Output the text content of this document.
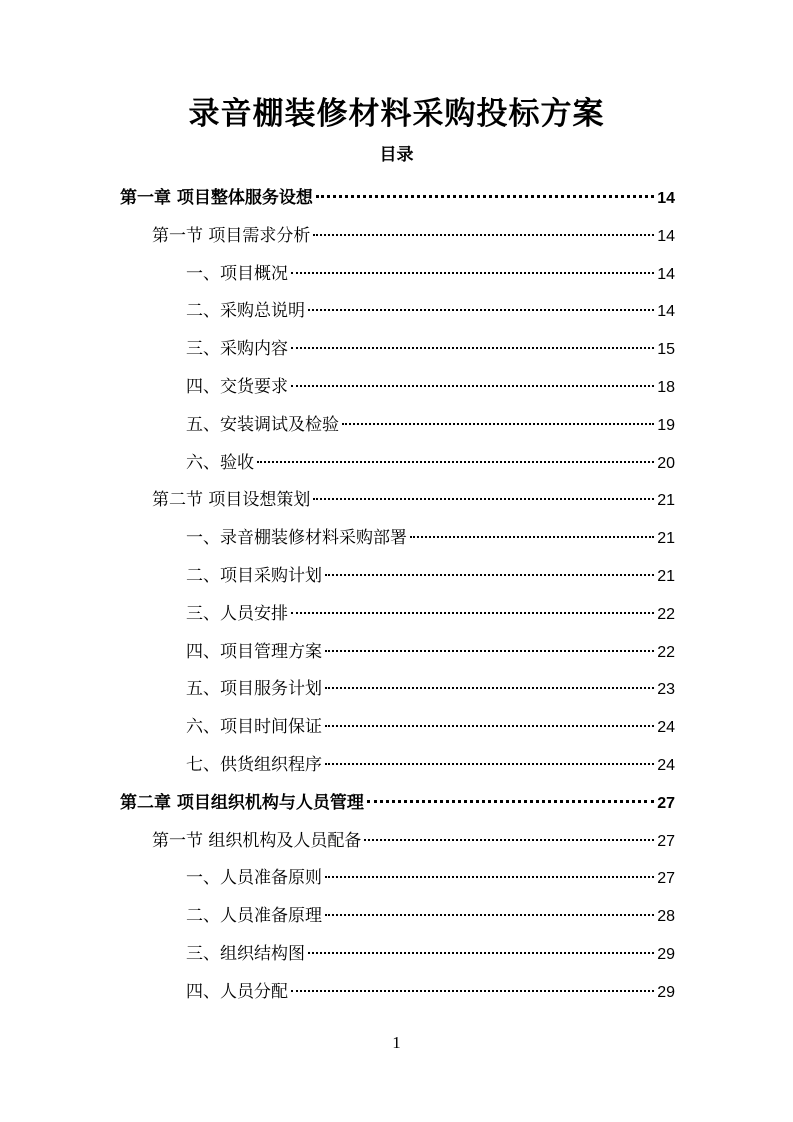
录音棚装修材料采购投标方案
目录
第一章 项目整体服务设想	14
第一节 项目需求分析	14
一、项目概况	14
二、采购总说明	14
三、采购内容	15
四、交货要求	18
五、安装调试及检验	19
六、验收	20
第二节 项目设想策划	21
一、录音棚装修材料采购部署	21
二、项目采购计划	21
三、人员安排	22
四、项目管理方案	22
五、项目服务计划	23
六、项目时间保证	24
七、供货组织程序	24
第二章 项目组织机构与人员管理	27
第一节 组织机构及人员配备	27
一、人员准备原则	27
二、人员准备原理	28
三、组织结构图	29
四、人员分配	29
1
